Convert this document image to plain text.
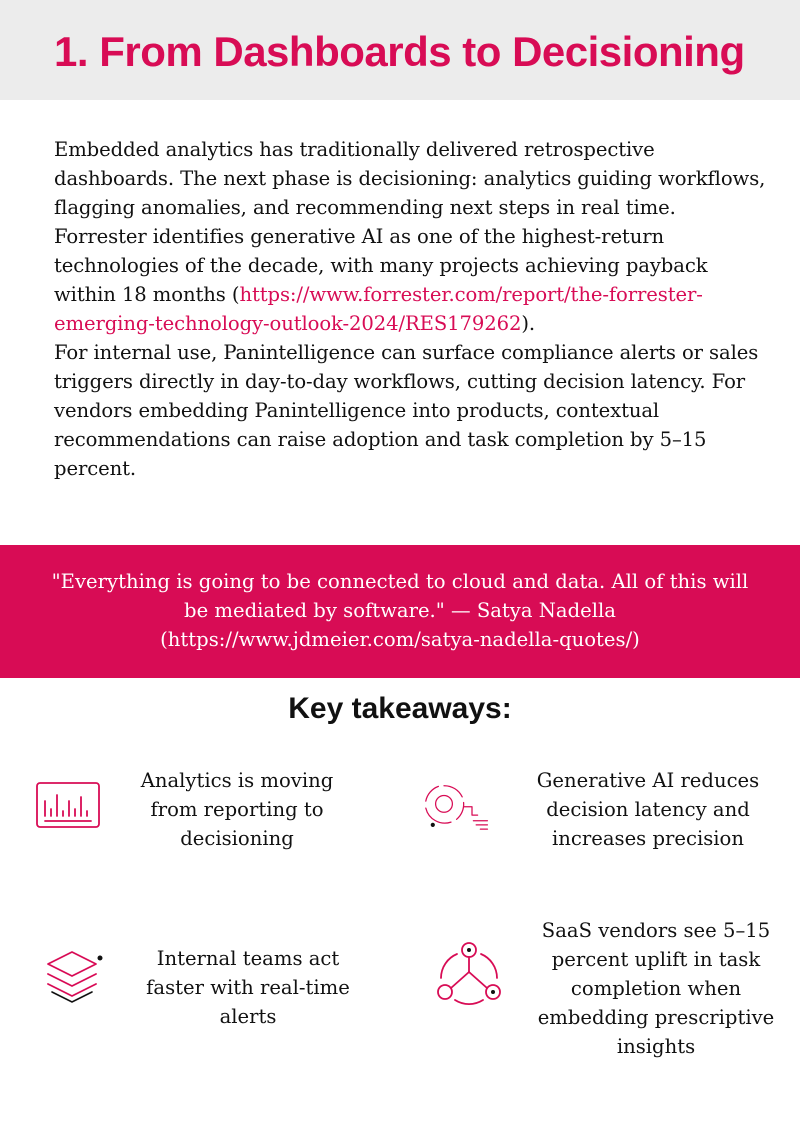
1. From Dashboards to Decisioning

Embedded analytics has traditionally delivered retrospective dashboards. The next phase is decisioning: analytics guiding workflows, flagging anomalies, and recommending next steps in real time.

Forrester identifies generative AI as one of the highest-return technologies of the decade, with many projects achieving payback within 18 months (https://www.forrester.com/report/the-forrester-emerging-technology-outlook-2024/RES179262).

For internal use, Panintelligence can surface compliance alerts or sales triggers directly in day-to-day workflows, cutting decision latency. For vendors embedding Panintelligence into products, contextual recommendations can raise adoption and task completion by 5–15 percent.

"Everything is going to be connected to cloud and data. All of this will be mediated by software." — Satya Nadella (https://www.jdmeier.com/satya-nadella-quotes/)

Key takeaways:
Analytics is moving from reporting to decisioning
Generative AI reduces decision latency and increases precision
Internal teams act faster with real-time alerts
SaaS vendors see 5–15 percent uplift in task completion when embedding prescriptive insights
